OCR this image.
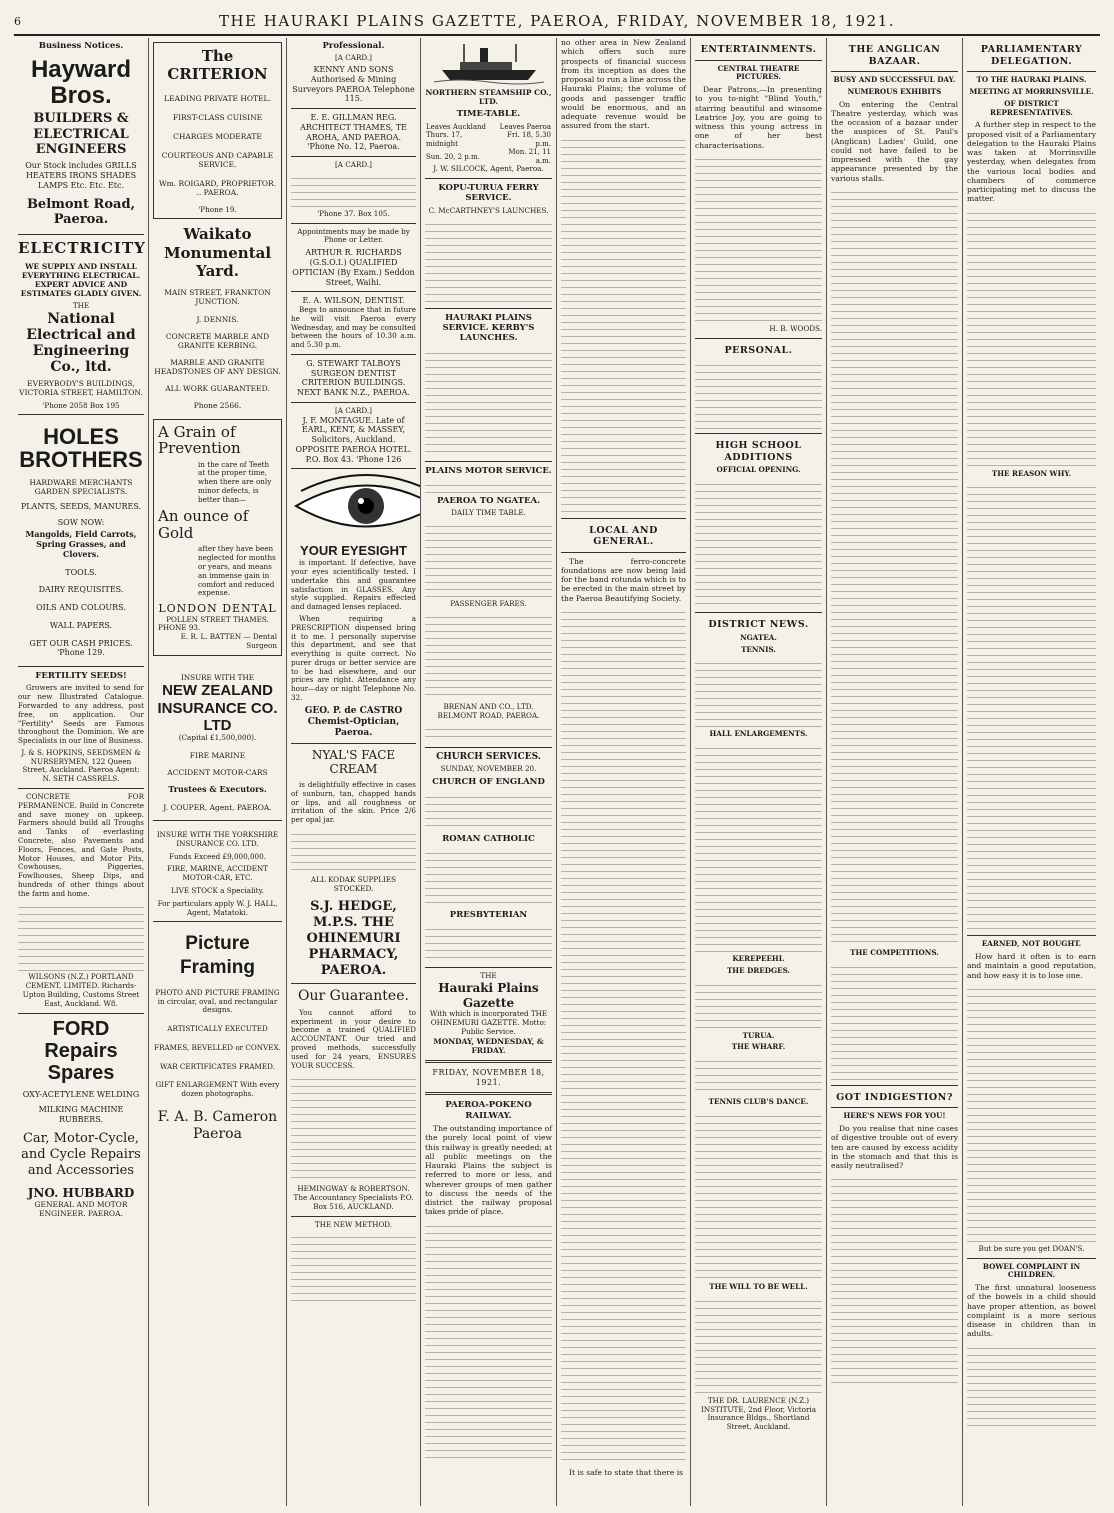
6	THE HAURAKI PLAINS GAZETTE, PAEROA, FRIDAY, NOVEMBER 18, 1921.
Business Notices.
Hayward Bros.
BUILDERS & ELECTRICAL ENGINEERS
Our Stock includes GRILLS HEATERS IRONS SHADES LAMPS Etc. Etc. Etc.
Belmont Road, Paeroa.
ELECTRICITY
WE SUPPLY AND INSTALL EVERYTHING ELECTRICAL. EXPERT ADVICE AND ESTIMATES GLADLY GIVEN.
THE
National Electrical and Engineering Co., ltd.
EVERYBODY'S BUILDINGS, VICTORIA STREET, HAMILTON.
'Phone 2058 Box 195
HOLES BROTHERS
HARDWARE MERCHANTS GARDEN SPECIALISTS.
PLANTS, SEEDS, MANURES.
SOW NOW:
Mangolds, Field Carrots, Spring Grasses, and Clovers.
TOOLS.
DAIRY REQUISITES.
OILS AND COLOURS.
WALL PAPERS.
GET OUR CASH PRICES. 'Phone 129.
FERTILITY SEEDS!
Growers are invited to send for our new Illustrated Catalogue. Forwarded to any address, post free, on application. Our "Fertility" Seeds are Famous throughout the Dominion. We are Specialists in our line of Business.
J. & S. HOPKINS, SEEDSMEN & NURSERYMEN, 122 Queen Street, Auckland. Paeroa Agent: N. SETH CASSRELS.
CONCRETE FOR PERMANENCE. Build in Concrete and save money on upkeep. Farmers should build all Troughs and Tanks of everlasting Concrete, also Pavements and Floors, Fences, and Gate Posts, Motor Houses, and Motor Pits, Cowhouses, Piggeries, Fowlhouses, Sheep Dips, and hundreds of other things about the farm and home.
WILSONS (N.Z.) PORTLAND CEMENT, LIMITED. Richards-Upton Building, Customs Street East, Auckland. W8.
FORD Repairs Spares
OXY-ACETYLENE WELDING
MILKING MACHINE RUBBERS.
Car, Motor-Cycle, and Cycle Repairs and Accessories
JNO. HUBBARD
GENERAL AND MOTOR ENGINEER. PAEROA.
The CRITERION
LEADING PRIVATE HOTEL.
FIRST-CLASS CUISINE
CHARGES MODERATE
COURTEOUS AND CAPABLE SERVICE.
Wm. ROIGARD, PROPRIETOR. .. PAEROA.
'Phone 19.
Waikato Monumental Yard.
MAIN STREET, FRANKTON JUNCTION.
J. DENNIS.
CONCRETE MARBLE AND GRANITE KERBING.
MARBLE AND GRANITE HEADSTONES OF ANY DESIGN.
ALL WORK GUARANTEED.
Phone 2566.
A Grain of Prevention
in the care of Teeth at the proper time, when there are only minor defects, is better than—
An ounce of Gold
after they have been neglected for months or years, and means an immense gain in comfort and reduced expense.
LONDON DENTAL
POLLEN STREET THAMES.
PHONE 93.
E. R. L. BATTEN — Dental Surgeon
INSURE WITH THE
NEW ZEALAND INSURANCE CO. LTD
(Capital £1,500,000).
FIRE MARINE
ACCIDENT MOTOR-CARS
Trustees & Executors.
J. COUPER, Agent, PAEROA.
INSURE WITH THE YORKSHIRE INSURANCE CO. LTD.
Funds Exceed £9,000,000.
FIRE, MARINE, ACCIDENT MOTOR-CAR, ETC.
LIVE STOCK a Speciality.
For particulars apply W. J. HALL, Agent, Matatoki.
Picture Framing
PHOTO AND PICTURE FRAMING in circular, oval, and rectangular designs.
ARTISTICALLY EXECUTED
FRAMES, BEVELLED or CONVEX.
WAR CERTIFICATES FRAMED.
GIFT ENLARGEMENT With every dozen photographs.
F. A. B. Cameron
Paeroa
Professional.
[A CARD.]
KENNY AND SONS Authorised & Mining Surveyors PAEROA Telephone 115.
E. E. GILLMAN REG. ARCHITECT THAMES, TE AROHA, AND PAEROA. 'Phone No. 12, Paeroa.
[A CARD.]
'Phone 37. Box 105.
Appointments may be made by Phone or Letter.
ARTHUR R. RICHARDS (G.S.O.I.) QUALIFIED OPTICIAN (By Exam.) Seddon Street, Waihi.
E. A. WILSON, DENTIST.
Begs to announce that in future he will visit Paeroa every Wednesday, and may be consulted between the hours of 10.30 a.m. and 5.30 p.m.
G. STEWART TALBOYS SURGEON DENTIST CRITERION BUILDINGS. NEXT BANK N.Z., PAEROA.
[A CARD.]
J. F. MONTAGUE. Late of EARL, KENT, & MASSEY, Solicitors, Auckland. OPPOSITE PAEROA HOTEL. P.O. Box 43. 'Phone 126
YOUR EYESIGHT
is important. If defective, have your eyes scientifically tested. I undertake this and guarantee satisfaction in GLASSES. Any style supplied. Repairs effected and damaged lenses replaced.
When requiring a PRESCRIPTION dispensed bring it to me. I personally supervise this department, and see that everything is quite correct. No purer drugs or better service are to be had elsewhere, and our prices are right. Attendance any hour—day or night Telephone No. 32.
GEO. P. de CASTRO Chemist-Optician, Paeroa.
NYAL'S FACE CREAM
is delightfully effective in cases of sunburn, tan, chapped hands or lips, and all roughness or irritation of the skin. Price 2/6 per opal jar.
ALL KODAK SUPPLIES STOCKED.
S.J. HEDGE, M.P.S. THE OHINEMURI PHARMACY, PAEROA.
Our Guarantee.
You cannot afford to experiment in your desire to become a trained QUALIFIED ACCOUNTANT. Our tried and proved methods, successfully used for 24 years, ENSURES YOUR SUCCESS.
HEMINGWAY & ROBERTSON. The Accountancy Specialists P.O. Box 516, AUCKLAND.
THE NEW METHOD.
NORTHERN STEAMSHIP CO., LTD.
TIME-TABLE.
Leaves Auckland	Leaves Paeroa
Thurs. 17, midnight	Fri. 18, 5.30 p.m.
Sun. 20, 2 p.m.	Mon. 21, 11 a.m.
J. W. SILCOCK, Agent, Paeroa.
KOPU-TURUA FERRY SERVICE.
C. McCARTHNEY'S LAUNCHES.
HAURAKI PLAINS SERVICE. KERBY'S LAUNCHES.
PLAINS MOTOR SERVICE.
PAEROA TO NGATEA.
DAILY TIME TABLE.
PASSENGER FARES.
BRENAN AND CO., LTD. BELMONT ROAD, PAEROA.
CHURCH SERVICES.
SUNDAY, NOVEMBER 20.
CHURCH OF ENGLAND
ROMAN CATHOLIC
PRESBYTERIAN
THE
Hauraki Plains Gazette
With which is incorporated THE OHINEMURI GAZETTE. Motto: Public Service.
MONDAY, WEDNESDAY, & FRIDAY.
FRIDAY, NOVEMBER 18, 1921.
PAEROA-POKENO RAILWAY.
The outstanding importance of the purely local point of view this railway is greatly needed; at all public meetings on the Hauraki Plains the subject is referred to more or less, and wherever groups of men gather to discuss the needs of the district the railway proposal takes pride of place.
no other area in New Zealand which offers such sure prospects of financial success from its inception as does the proposal to run a line across the Hauraki Plains; the volume of goods and passenger traffic would be enormous, and an adequate revenue would be assured from the start.
LOCAL AND GENERAL.
The ferro-concrete foundations are now being laid for the band rotunda which is to be erected in the main street by the Paeroa Beautifying Society.
It is safe to state that there is
ENTERTAINMENTS.
CENTRAL THEATRE PICTURES.
Dear Patrons,—In presenting to you to-night "Blind Youth," starring beautiful and winsome Leatrice Joy, you are going to witness this young actress in one of her best characterisations.
H. B. WOODS.
PERSONAL.
HIGH SCHOOL ADDITIONS
OFFICIAL OPENING.
DISTRICT NEWS.
NGATEA.
TENNIS.
HALL ENLARGEMENTS.
KEREPEEHI.
THE DREDGES.
TURUA.
THE WHARF.
TENNIS CLUB'S DANCE.
THE WILL TO BE WELL.
THE DR. LAURENCE (N.Z.) INSTITUTE, 2nd Floor, Victoria Insurance Bldgs., Shortland Street, Auckland.
THE ANGLICAN BAZAAR.
BUSY AND SUCCESSFUL DAY.
NUMEROUS EXHIBITS
On entering the Central Theatre yesterday, which was the occasion of a bazaar under the auspices of St. Paul's (Anglican) Ladies' Guild, one could not have failed to be impressed with the gay appearance presented by the various stalls.
THE COMPETITIONS.
GOT INDIGESTION?
HERE'S NEWS FOR YOU!
Do you realise that nine cases of digestive trouble out of every ten are caused by excess acidity in the stomach and that this is easily neutralised?
PARLIAMENTARY DELEGATION.
TO THE HAURAKI PLAINS.
MEETING AT MORRINSVILLE.
OF DISTRICT REPRESENTATIVES.
A further step in respect to the proposed visit of a Parliamentary delegation to the Hauraki Plains was taken at Morrinsville yesterday, when delegates from the various local bodies and chambers of commerce participating met to discuss the matter.
THE REASON WHY.
EARNED, NOT BOUGHT.
How hard it often is to earn and maintain a good reputation, and how easy it is to lose one.
But be sure you get DOAN'S.
BOWEL COMPLAINT IN CHILDREN.
The first unnatural looseness of the bowels in a child should have proper attention, as bowel complaint is a more serious disease in children than in adults.
